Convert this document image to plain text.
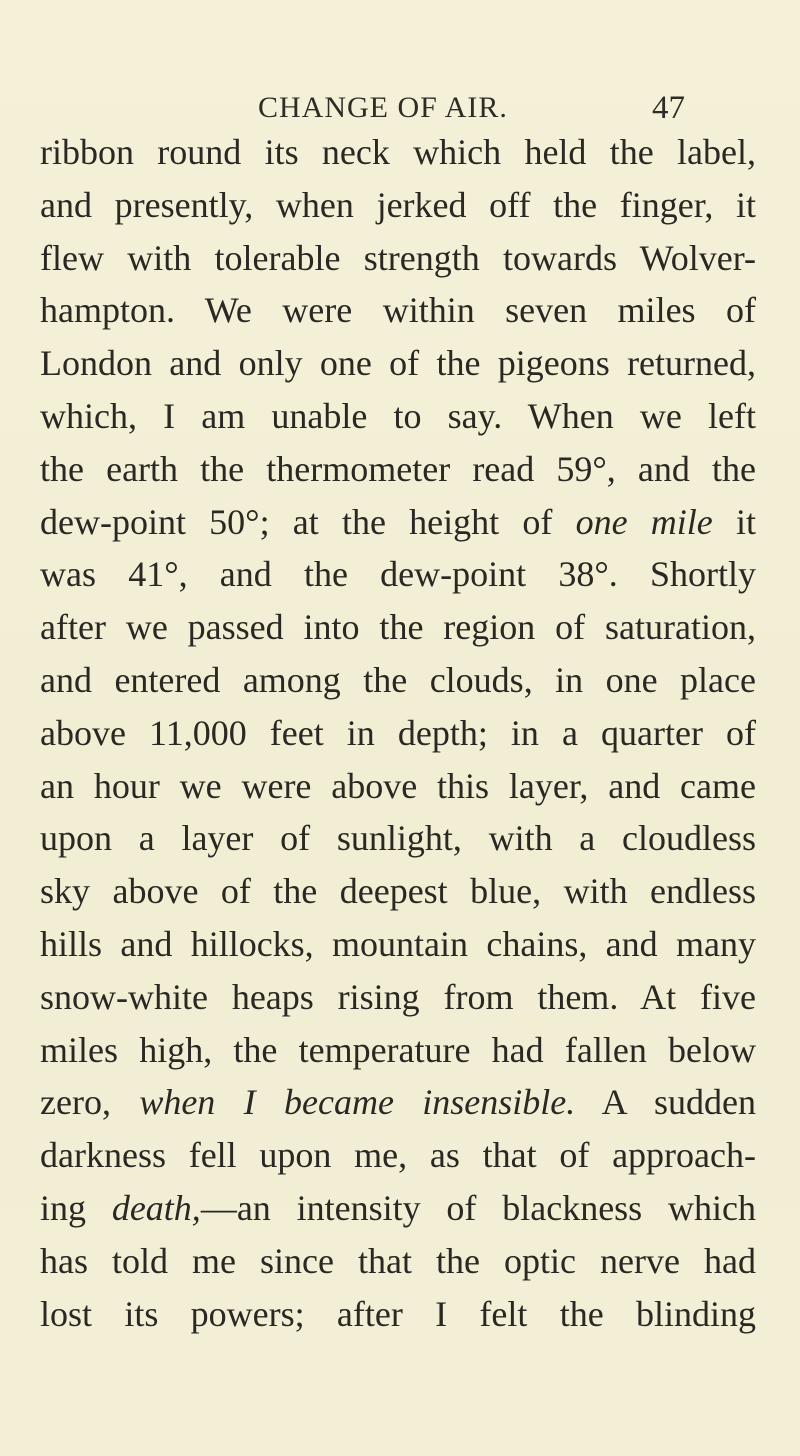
CHANGE OF AIR.	47
ribbon round its neck which held the label,
and presently, when jerked off the finger, it
flew with tolerable strength towards Wolver-
hampton. We were within seven miles of
London and only one of the pigeons returned,
which, I am unable to say. When we left
the earth the thermometer read 59°, and the
dew-point 50°; at the height of one mile it
was 41°, and the dew-point 38°. Shortly
after we passed into the region of saturation,
and entered among the clouds, in one place
above 11,000 feet in depth; in a quarter of
an hour we were above this layer, and came
upon a layer of sunlight, with a cloudless
sky above of the deepest blue, with endless
hills and hillocks, mountain chains, and many
snow-white heaps rising from them. At five
miles high, the temperature had fallen below
zero, when I became insensible. A sudden
darkness fell upon me, as that of approach-
ing death,—an intensity of blackness which
has told me since that the optic nerve had
lost its powers; after I felt the blinding
